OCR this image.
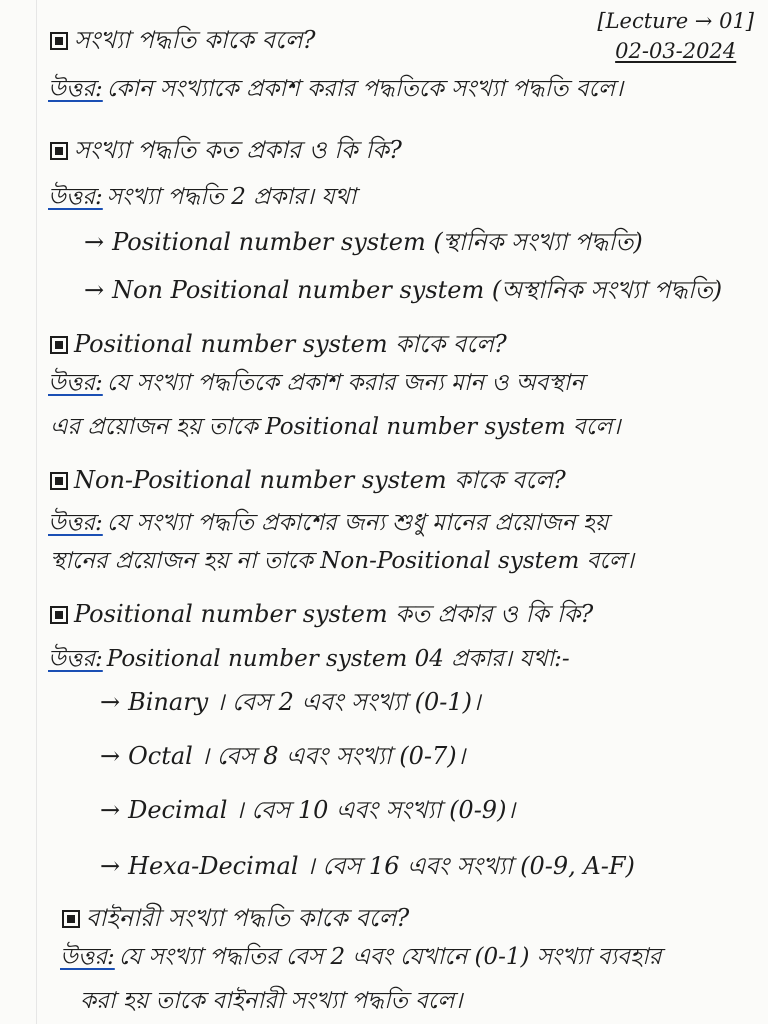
[Lecture → 01]
02-03-2024
সংখ্যা পদ্ধতি কাকে বলে?
উত্তর: কোন সংখ্যাকে প্রকাশ করার পদ্ধতিকে সংখ্যা পদ্ধতি বলে।
সংখ্যা পদ্ধতি কত প্রকার ও কি কি?
উত্তর: সংখ্যা পদ্ধতি 2 প্রকার। যথা
→ Positional number system (স্থানিক সংখ্যা পদ্ধতি)
→ Non Positional number system (অস্থানিক সংখ্যা পদ্ধতি)
Positional number system কাকে বলে?
উত্তর: যে সংখ্যা পদ্ধতিকে প্রকাশ করার জন্য মান ও অবস্থান
এর প্রয়োজন হয় তাকে Positional number system বলে।
Non-Positional number system কাকে বলে?
উত্তর: যে সংখ্যা পদ্ধতি প্রকাশের জন্য শুধু মানের প্রয়োজন হয়
স্থানের প্রয়োজন হয় না তাকে Non-Positional system বলে।
Positional number system কত প্রকার ও কি কি?
উত্তর: Positional number system 04 প্রকার। যথা:-
→ Binary । বেস 2 এবং সংখ্যা (0-1)।
→ Octal । বেস 8 এবং সংখ্যা (0-7)।
→ Decimal । বেস 10 এবং সংখ্যা (0-9)।
→ Hexa-Decimal । বেস 16 এবং সংখ্যা (0-9, A-F)
বাইনারী সংখ্যা পদ্ধতি কাকে বলে?
উত্তর: যে সংখ্যা পদ্ধতির বেস 2 এবং যেখানে (0-1) সংখ্যা ব্যবহার
করা হয় তাকে বাইনারী সংখ্যা পদ্ধতি বলে।
